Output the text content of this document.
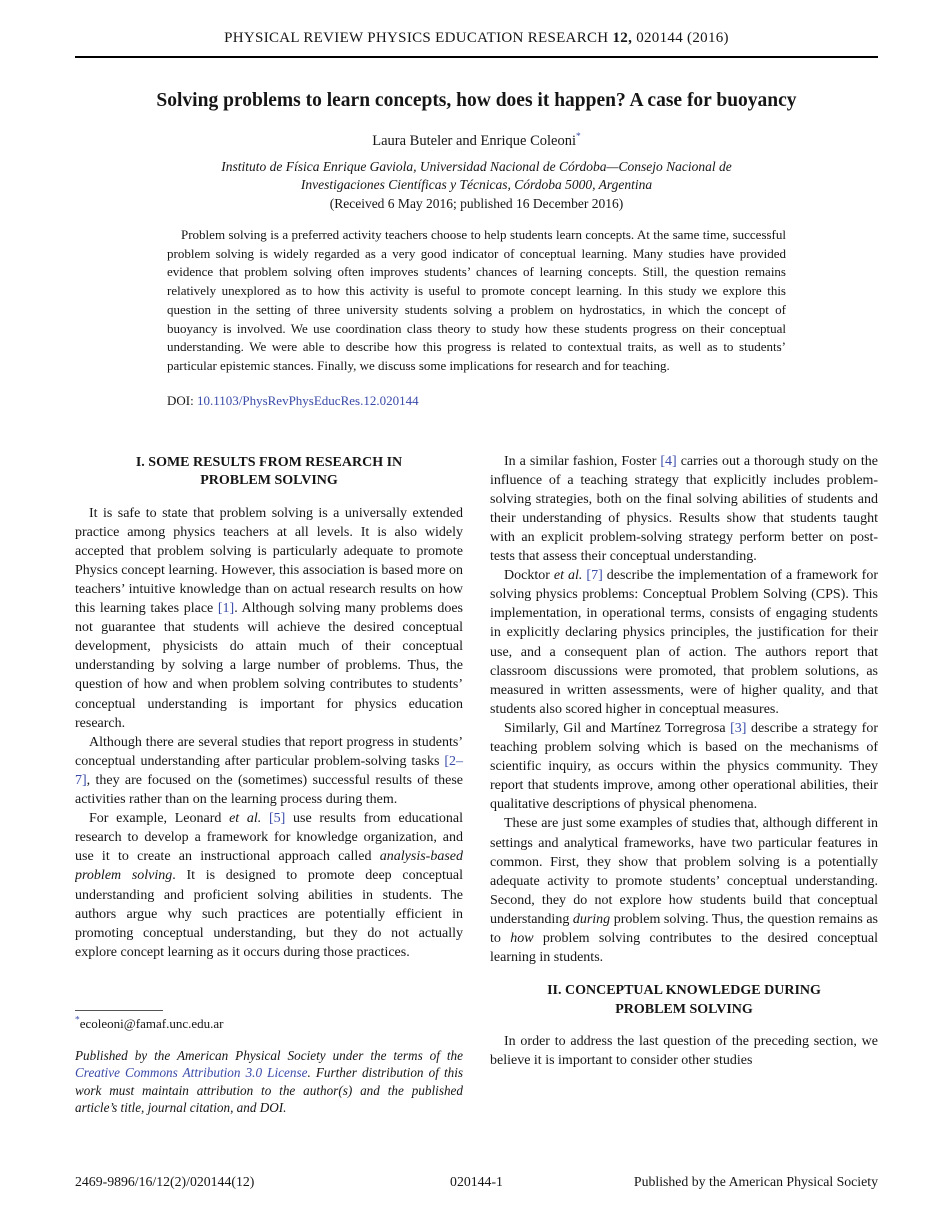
PHYSICAL REVIEW PHYSICS EDUCATION RESEARCH 12, 020144 (2016)
Solving problems to learn concepts, how does it happen? A case for buoyancy
Laura Buteler and Enrique Coleoni*
Instituto de Física Enrique Gaviola, Universidad Nacional de Córdoba—Consejo Nacional de
Investigaciones Científicas y Técnicas, Córdoba 5000, Argentina
(Received 6 May 2016; published 16 December 2016)

Problem solving is a preferred activity teachers choose to help students learn concepts. At the same time, successful problem solving is widely regarded as a very good indicator of conceptual learning. Many studies have provided evidence that problem solving often improves students’ chances of learning concepts. Still, the question remains relatively unexplored as to how this activity is useful to promote concept learning. In this study we explore this question in the setting of three university students solving a problem on hydrostatics, in which the concept of buoyancy is involved. We use coordination class theory to study how these students progress on their conceptual understanding. We were able to describe how this progress is related to contextual traits, as well as to students’ particular epistemic stances. Finally, we discuss some implications for research and for teaching.

DOI: 10.1103/PhysRevPhysEducRes.12.020144
I. SOME RESULTS FROM RESEARCH IN
PROBLEM SOLVING

It is safe to state that problem solving is a universally extended practice among physics teachers at all levels. It is also widely accepted that problem solving is particularly adequate to promote Physics concept learning. However, this association is based more on teachers’ intuitive knowledge than on actual research results on how this learning takes place [1]. Although solving many problems does not guarantee that students will achieve the desired conceptual development, physicists do attain much of their conceptual understanding by solving a large number of problems. Thus, the question of how and when problem solving contributes to students’ conceptual understanding is important for physics education research.

Although there are several studies that report progress in students’ conceptual understanding after particular problem-solving tasks [2–7], they are focused on the (sometimes) successful results of these activities rather than on the learning process during them.

For example, Leonard et al. [5] use results from educational research to develop a framework for knowledge organization, and use it to create an instructional approach called analysis-based problem solving. It is designed to promote deep conceptual understanding and proficient solving abilities in students. The authors argue why such practices are potentially efficient in promoting conceptual understanding, but they do not actually explore concept learning as it occurs during those practices.

*ecoleoni@famaf.unc.edu.ar

Published by the American Physical Society under the terms of the Creative Commons Attribution 3.0 License. Further distribution of this work must maintain attribution to the author(s) and the published article’s title, journal citation, and DOI.

In a similar fashion, Foster [4] carries out a thorough study on the influence of a teaching strategy that explicitly includes problem-solving strategies, both on the final solving abilities of students and their understanding of physics. Results show that students taught with an explicit problem-solving strategy perform better on post-tests that assess their conceptual understanding.

Docktor et al. [7] describe the implementation of a framework for solving physics problems: Conceptual Problem Solving (CPS). This implementation, in operational terms, consists of engaging students in explicitly declaring physics principles, the justification for their use, and a consequent plan of action. The authors report that classroom discussions were promoted, that problem solutions, as measured in written assessments, were of higher quality, and that students also scored higher in conceptual measures.

Similarly, Gil and Martínez Torregrosa [3] describe a strategy for teaching problem solving which is based on the mechanisms of scientific inquiry, as occurs within the physics community. They report that students improve, among other operational abilities, their qualitative descriptions of physical phenomena.

These are just some examples of studies that, although different in settings and analytical frameworks, have two particular features in common. First, they show that problem solving is a potentially adequate activity to promote students’ conceptual understanding. Second, they do not explore how students build that conceptual understanding during problem solving. Thus, the question remains as to how problem solving contributes to the desired conceptual learning in students.

II. CONCEPTUAL KNOWLEDGE DURING
PROBLEM SOLVING

In order to address the last question of the preceding section, we believe it is important to consider other studies

2469-9896/16/12(2)/020144(12)	020144-1	Published by the American Physical Society
